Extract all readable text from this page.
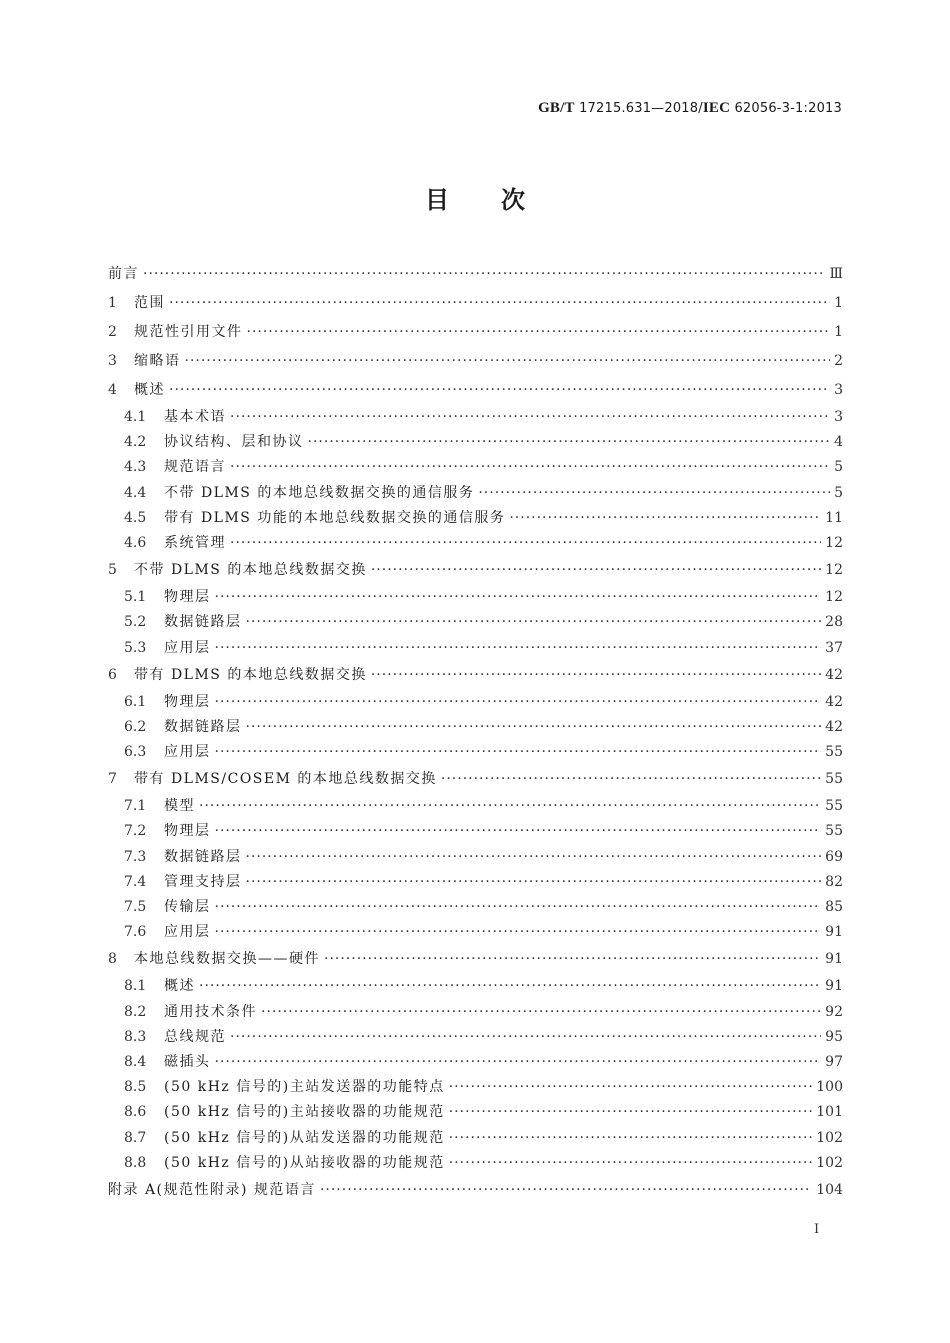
GB/T 17215.631—2018/IEC 62056-3-1:2013
目 次
前言 ·····	Ⅲ
1	范围 ·····	1
2	规范性引用文件 ·····	1
3	缩略语 ·····	2
4	概述 ·····	3
4.1	基本术语 ·····	3
4.2	协议结构、层和协议 ·····	4
4.3	规范语言 ·····	5
4.4	不带 DLMS 的本地总线数据交换的通信服务 ·····	5
4.5	带有 DLMS 功能的本地总线数据交换的通信服务 ·····	11
4.6	系统管理 ·····	12
5	不带 DLMS 的本地总线数据交换 ·····	12
5.1	物理层 ·····	12
5.2	数据链路层 ·····	28
5.3	应用层 ·····	37
6	带有 DLMS 的本地总线数据交换 ·····	42
6.1	物理层 ·····	42
6.2	数据链路层 ·····	42
6.3	应用层 ·····	55
7	带有 DLMS/COSEM 的本地总线数据交换 ·····	55
7.1	模型 ·····	55
7.2	物理层 ·····	55
7.3	数据链路层 ·····	69
7.4	管理支持层 ·····	82
7.5	传输层 ·····	85
7.6	应用层 ·····	91
8	本地总线数据交换——硬件 ·····	91
8.1	概述 ·····	91
8.2	通用技术条件 ·····	92
8.3	总线规范 ·····	95
8.4	磁插头 ·····	97
8.5	(50 kHz 信号的)主站发送器的功能特点 ·····	100
8.6	(50 kHz 信号的)主站接收器的功能规范 ·····	101
8.7	(50 kHz 信号的)从站发送器的功能规范 ·····	102
8.8	(50 kHz 信号的)从站接收器的功能规范 ·····	102
附录 A(规范性附录) 规范语言 ·····	104
Ⅰ
